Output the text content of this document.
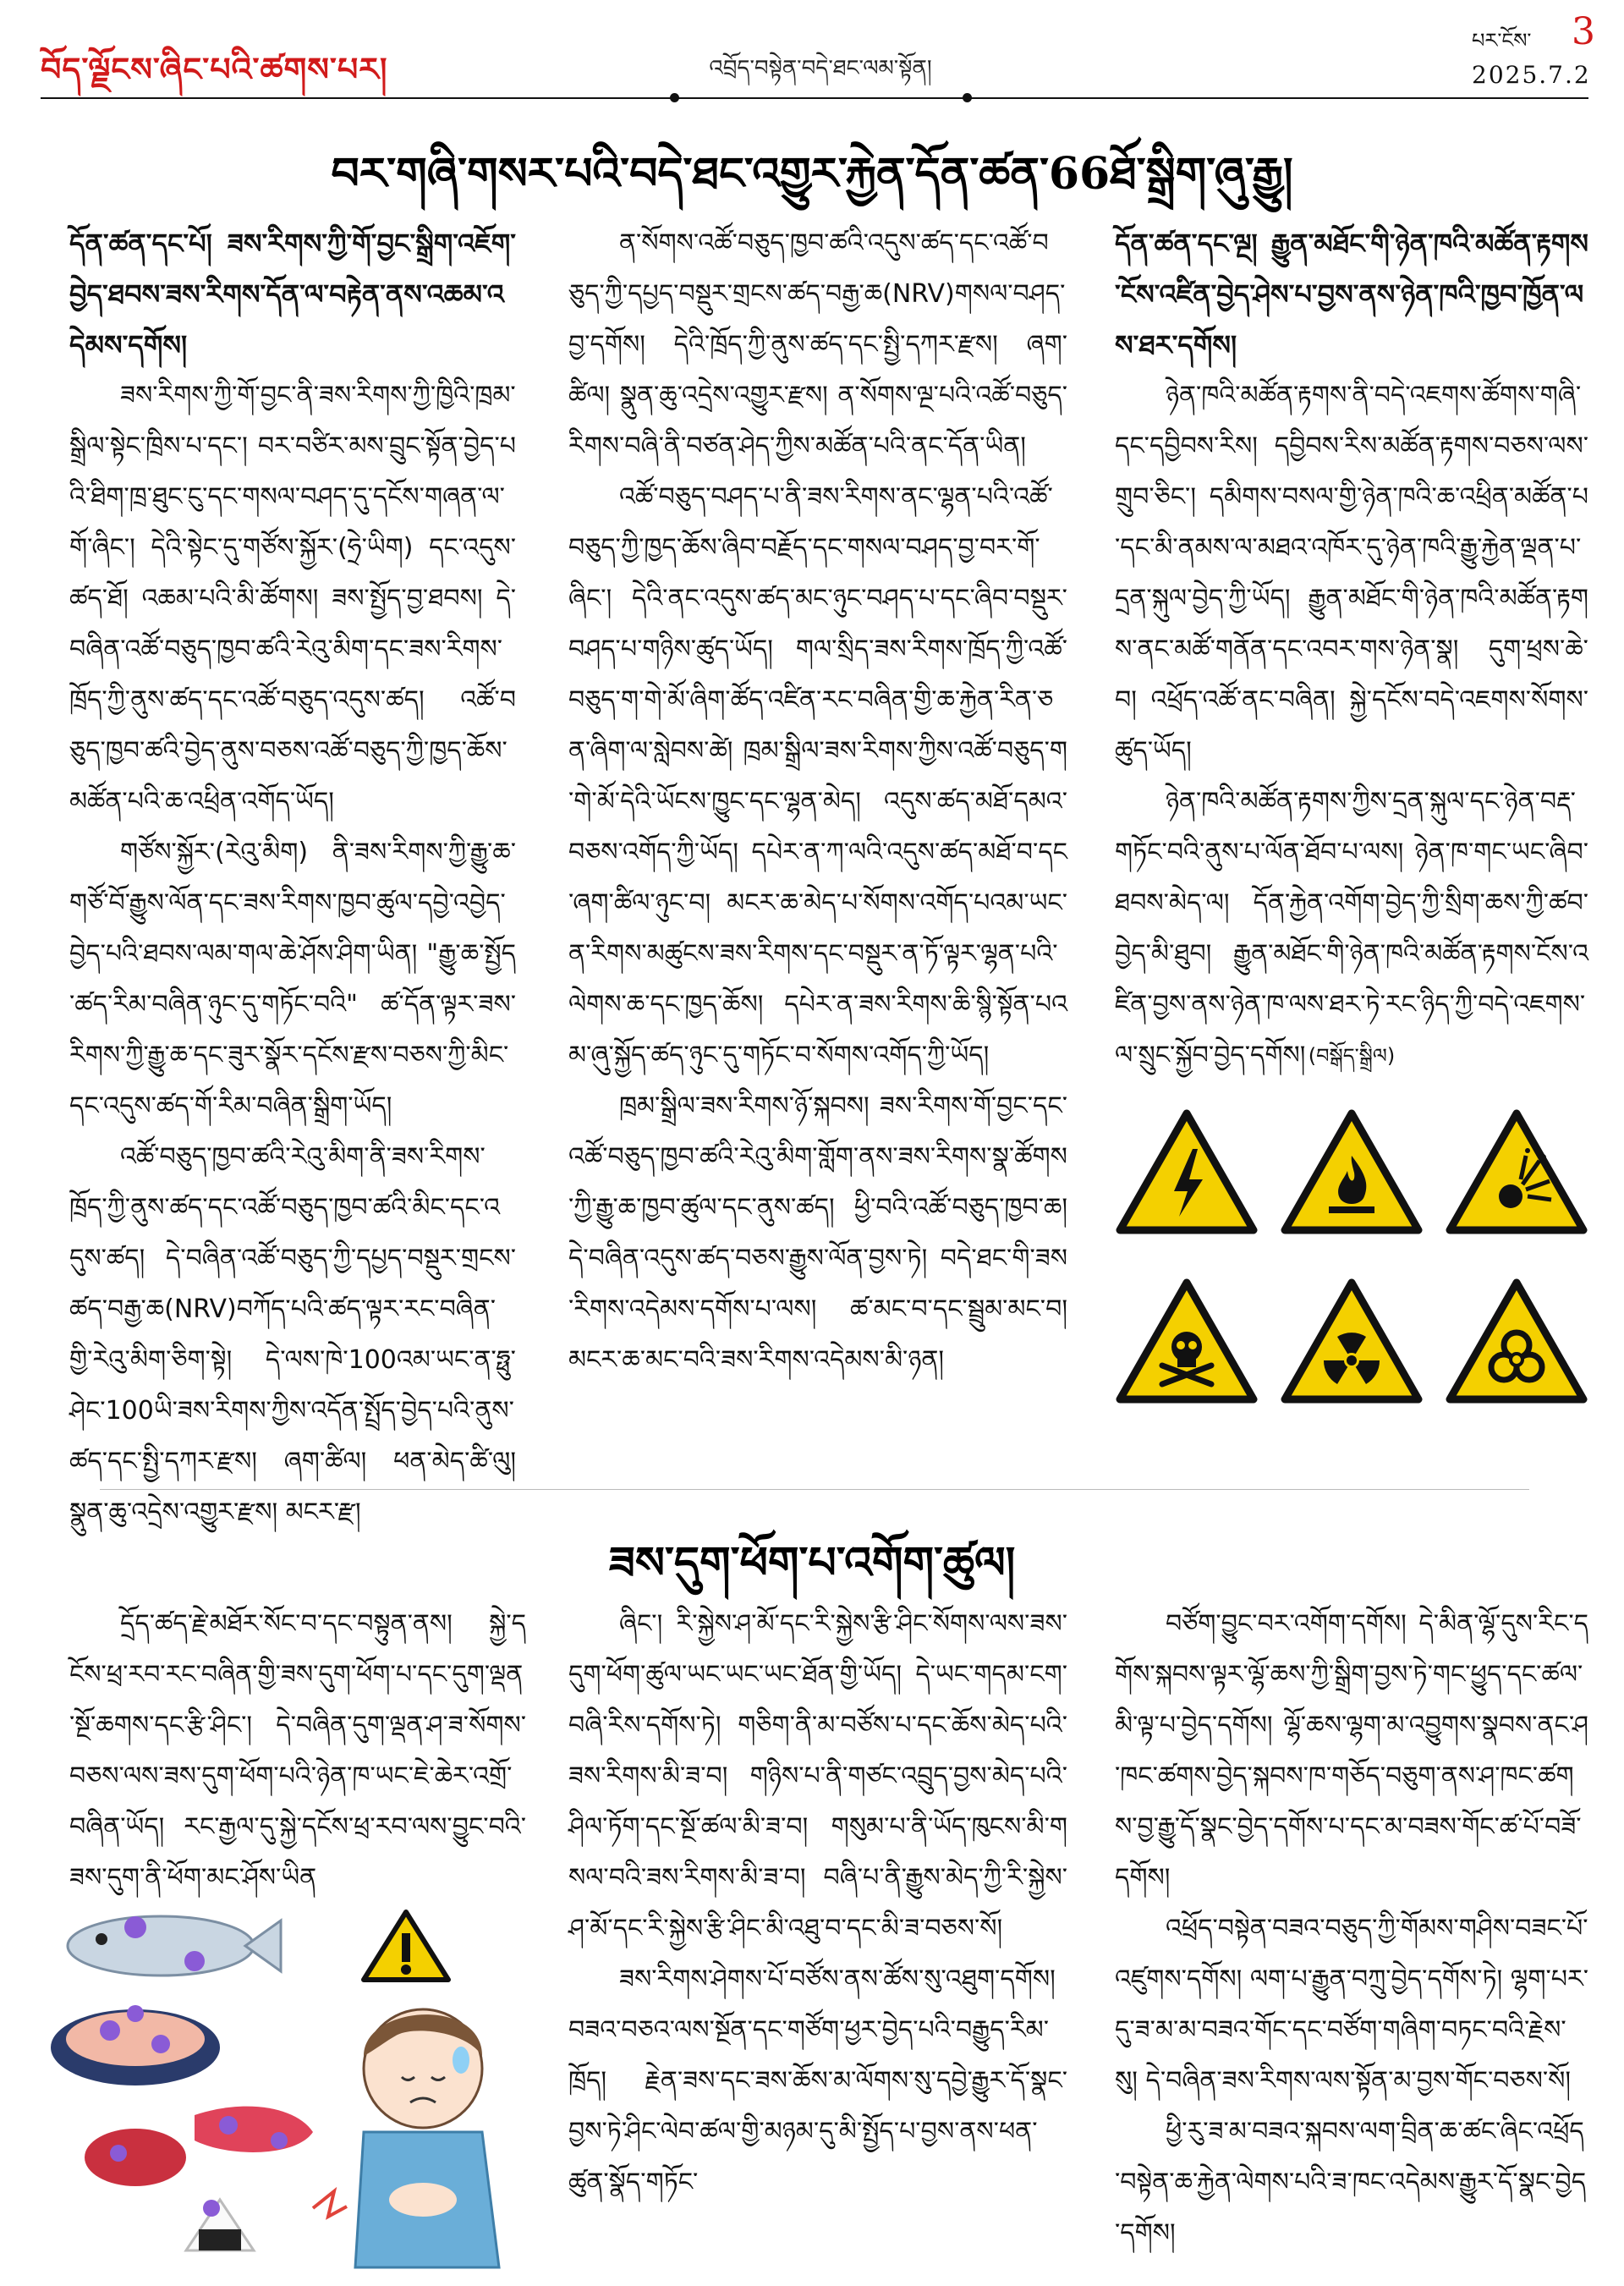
བོད་ལྗོངས་ཞིང་པའི་ཚགས་པར།	འབྲོད་བསྟེན་བདེ་ཐང་ལམ་སྟོན།
པར་ངོས་ 3
2025.7.2
བར་གཞི་གསར་པའི་བདེ་ཐང་འགྱུར་རྐྱེན་དོན་ཚན་66ཐོ་སྒྲིག་ཞུ་རྒྱུ།
དོན་ཚན་དང་པོ། ཟས་རིགས་ཀྱི་གོ་བྱང་སྒྲིག་འཇོག་བྱེད་ཐབས་ཟས་རིགས་དོན་ལ་བརྟེན་ནས་འཆམ་འདེམས་དགོས།

ཟས་རིགས་ཀྱི་གོ་བྱང་ནི་ཟས་རིགས་ཀྱི་ཁྱིའི་ཁྲམ་སྒྲིལ་སྟེང་ཁྲིས་པ་དང་། བར་བཙིར་མས་བྲུང་སྟོན་བྱེད་པའི་ཐིག་ཁྲ་ཐུང་ངུ་དང་གསལ་བཤད་དུ་དངོས་གཞན་ལ་གོ་ཞིང་། དེའི་སྟེང་དུ་གཙོས་སྐྱོར་(ཧྲེ་ཡིག) དང་འདུས་ཚད་ཐོ། འཆམ་པའི་མི་ཚོགས། ཟས་སྤྱོད་བྱ་ཐབས། དེ་བཞིན་འཚོ་བཅུད་ཁྱབ་ཚའི་རེའུ་མིག་དང་ཟས་རིགས་ཁྲོད་ཀྱི་ནུས་ཚད་དང་འཚོ་བཅུད་འདུས་ཚད། འཚོ་བཅུད་ཁྱབ་ཚའི་བྱེད་ནུས་བཅས་འཚོ་བཅུད་ཀྱི་ཁྱད་ཆོས་མཚོན་པའི་ཆ་འཕྲིན་འགོད་ཡོད།

གཙོས་སྐྱོར་(རེའུ་མིག) ནི་ཟས་རིགས་ཀྱི་རྒྱུ་ཆ་གཙོ་བོ་རྒྱུས་ལོན་དང་ཟས་རིགས་ཁྱབ་ཚུལ་དབྱེ་འབྱེད་བྱེད་པའི་ཐབས་ལམ་གལ་ཆེ་ཤོས་ཤིག་ཡིན། "རྒྱུ་ཆ་སྤྱོད་ཚད་རིམ་བཞིན་ཉུང་དུ་གཏོང་བའི" ཚ་དོན་ལྟར་ཟས་རིགས་ཀྱི་རྒྱུ་ཆ་དང་ཟུར་སྣོར་དངོས་རྫས་བཅས་ཀྱི་མིང་དང་འདུས་ཚད་གོ་རིམ་བཞིན་སྒྲིག་ཡོད།

འཚོ་བཅུད་ཁྱབ་ཚའི་རེའུ་མིག་ནི་ཟས་རིགས་ཁྲོད་ཀྱི་ནུས་ཚད་དང་འཚོ་བཅུད་ཁྱབ་ཚའི་མིང་དང་འདུས་ཚད། དེ་བཞིན་འཚོ་བཅུད་ཀྱི་དཔྱད་བསྡུར་གྲངས་ཚད་བརྒྱ་ཆ(NRV)བཀོད་པའི་ཚད་ལྟར་རང་བཞིན་གྱི་རེའུ་མིག་ཅིག་སྟེ། དེ་ལས་ཁེ་100འམ་ཡང་ན་ཧྥུ་ཤེང་100ཡི་ཟས་རིགས་ཀྱིས་འདོན་སྤྲོད་བྱེད་པའི་ནུས་ཚད་དང་སྤྱི་དཀར་རྫས། ཞག་ཚིལ། ཕན་མེད་ཚི་ལུ། སྣུན་ཆུ་འདྲེས་འགྱུར་རྫས། མངར་རྫ།

ན་སོགས་འཚོ་བཅུད་ཁྱབ་ཚའི་འདུས་ཚད་དང་འཚོ་བཅུད་ཀྱི་དཔྱད་བསྡུར་གྲངས་ཚད་བརྒྱ་ཆ(NRV)གསལ་བཤད་བྱ་དགོས། དེའི་ཁྲོད་ཀྱི་ནུས་ཚད་དང་སྤྱི་དཀར་རྫས། ཞག་ཚིལ། སྣུན་ཆུ་འདྲེས་འགྱུར་རྫས། ན་སོགས་ལྔ་པའི་འཚོ་བཅུད་རིགས་བཞི་ནི་བཙན་ཤེད་ཀྱིས་མཚོན་པའི་ནང་དོན་ཡིན།

འཚོ་བཅུད་བཤད་པ་ནི་ཟས་རིགས་ནང་ལྷན་པའི་འཚོ་བཅུད་ཀྱི་ཁྱད་ཆོས་ཞིབ་བརྗོད་དང་གསལ་བཤད་བྱ་བར་གོ་ཞིང་། དེའི་ནང་འདུས་ཚད་མང་ཉུང་བཤད་པ་དང་ཞིབ་བསྡུར་བཤད་པ་གཉིས་ཚུད་ཡོད། གལ་སྲིད་ཟས་རིགས་ཁྲོད་ཀྱི་འཚོ་བཅུད་ག་གེ་མོ་ཞིག་ཚོད་འཛིན་རང་བཞིན་གྱི་ཆ་རྐྱེན་རིན་ཅན་ཞིག་ལ་སླེབས་ཚེ། ཁྲམ་སྒྲིལ་ཟས་རིགས་ཀྱིས་འཚོ་བཅུད་ག་གེ་མོ་དེའི་ཡོངས་ཁྱུང་དང་ལྷན་མེད། འདུས་ཚད་མཐོ་དམའ་བཅས་འགོད་ཀྱི་ཡོད། དཔེར་ན་ཀ་ལའི་འདུས་ཚད་མཐོ་བ་དང་ཞག་ཚིལ་ཉུང་བ། མངར་ཆ་མེད་པ་སོགས་འགོད་པའམ་ཡང་ན་རིགས་མཚུངས་ཟས་རིགས་དང་བསྡུར་ན་ཏོ་ལྟར་ལྷན་པའི་ལེགས་ཆ་དང་ཁྱད་ཆོས། དཔེར་ན་ཟས་རིགས་ཆི་སྙི་སྟོན་པའམ་ཞུ་སྐྱོད་ཚད་ཉུང་དུ་གཏོང་བ་སོགས་འགོད་ཀྱི་ཡོད།

ཁྲམ་སྒྲིལ་ཟས་རིགས་ཉོ་སྐབས། ཟས་རིགས་གོ་བྱང་དང་འཚོ་བཅུད་ཁྱབ་ཚའི་རེའུ་མིག་གློག་ནས་ཟས་རིགས་སྣ་ཚོགས་ཀྱི་རྒྱུ་ཆ་ཁྱབ་ཚུལ་དང་ནུས་ཚད། ཕྱི་བའི་འཚོ་བཅུད་ཁྱབ་ཆ། དེ་བཞིན་འདུས་ཚད་བཅས་རྒྱུས་ལོན་བྱས་ཏེ། བདེ་ཐང་གི་ཟས་རིགས་འདེམས་དགོས་པ་ལས། ཚ་མང་བ་དང་སྦྲུམ་མང་བ། མངར་ཆ་མང་བའི་ཟས་རིགས་འདེམས་མི་ཉན།

དོན་ཚན་དང་ལྔ། རྒྱུན་མཐོང་གི་ཉེན་ཁའི་མཚོན་རྟགས་ངོས་འཛིན་བྱེད་ཤེས་པ་བྱས་ནས་ཉེན་ཁའི་ཁྱབ་ཁྱོན་ལས་ཐར་དགོས།

ཉེན་ཁའི་མཚོན་རྟགས་ནི་བདེ་འཇགས་ཚོགས་གཞི་དང་དབྱིབས་རིས། དབྱིབས་རིས་མཚོན་རྟགས་བཅས་ལས་གྲུབ་ཅིང་། དམིགས་བསལ་གྱི་ཉེན་ཁའི་ཆ་འཕྲིན་མཚོན་པ་དང་མི་ནམས་ལ་མཐའ་འཁོར་དུ་ཉེན་ཁའི་རྒྱུ་རྐྱེན་ལྡན་པ་དྲན་སྐུལ་བྱེད་ཀྱི་ཡོད། རྒྱུན་མཐོང་གི་ཉེན་ཁའི་མཚོན་རྟགས་ནང་མཚོ་གནོན་དང་འབར་གས་ཉེན་སྣ། དུག་ཕྲས་ཆེ་བ། འཕྲོད་འཚོ་ནང་བཞིན། སྐྱེ་དངོས་བདེ་འཇགས་སོགས་ཚུད་ཡོད།

ཉེན་ཁའི་མཚོན་རྟགས་ཀྱིས་དྲན་སྐུལ་དང་ཉེན་བརྡ་གཏོང་བའི་ནུས་པ་ལོན་ཐོབ་པ་ལས། ཉེན་ཁ་གང་ཡང་ཞིབ་ཐབས་མེད་ལ། དོན་རྐྱེན་འགོག་བྱེད་ཀྱི་སྲིག་ཆས་ཀྱི་ཚབ་བྱེད་མི་ཐུབ། རྒྱུན་མཐོང་གི་ཉེན་ཁའི་མཚོན་རྟགས་ངོས་འཛིན་བྱས་ནས་ཉེན་ཁ་ལས་ཐར་ཏེ་རང་ཉིད་ཀྱི་བདེ་འཇགས་ལ་སྲུང་སྐྱོབ་བྱེད་དགོས། (བསྒོད་སྒྲིལ)
ཟས་དུག་ཕོག་པ་འགོག་ཚུལ།

དྲོད་ཚད་རྗེ་མཐོར་སོང་བ་དང་བསྟུན་ནས། སྐྱེ་དངོས་ཕྲ་རབ་རང་བཞིན་གྱི་ཟས་དུག་ཕོག་པ་དང་དུག་ལྡན་སྔོ་ཆགས་དང་རྩི་ཤིང་། དེ་བཞིན་དུག་ལྡན་ཤ་ཟ་སོགས་བཅས་ལས་ཟས་དུག་ཕོག་པའི་ཉེན་ཁ་ཡང་ཇེ་ཆེར་འགྲོ་བཞིན་ཡོད། རང་རྒྱལ་དུ་སྐྱེ་དངོས་ཕྲ་རབ་ལས་བྱུང་བའི་ཟས་དུག་ནི་ཕོག་མང་ཤོས་ཡིན

ཞིང་། རི་སྐྱེས་ཤ་མོ་དང་རི་སྐྱེས་རྩི་ཤིང་སོགས་ལས་ཟས་དུག་ཕོག་ཚུལ་ཡང་ཡང་ཡང་ཐོན་གྱི་ཡོད། དེ་ཡང་གདམ་ངག་བཞི་རིས་དགོས་ཏེ། གཅིག་ནི་མ་བཙོས་པ་དང་ཆོས་མེད་པའི་ཟས་རིགས་མི་ཟ་བ། གཉིས་པ་ནི་གཙང་འབྲུད་བྱས་མེད་པའི་ཤིལ་ཏོག་དང་སྔོ་ཚལ་མི་ཟ་བ། གསུམ་པ་ནི་ཡོད་ཁུངས་མི་གསལ་བའི་ཟས་རིགས་མི་ཟ་བ། བཞི་པ་ནི་རྒྱུས་མེད་ཀྱི་རི་སྐྱེས་ཤ་མོ་དང་རི་སྐྱེས་རྩི་ཤིང་མི་འཐུ་བ་དང་མི་ཟ་བཅས་སོ།

ཟས་རིགས་ཤེགས་པོ་བཙོས་ནས་ཚོས་སུ་འཐུག་དགོས། བཟའ་བཅའ་ལས་སྔོན་དང་གཙོག་ཕྱར་བྱེད་པའི་བརྒྱུད་རིམ་ཁྲོད། རྗེན་ཟས་དང་ཟས་ཆོས་མ་ལོགས་སུ་དབྱེ་རྒྱུར་དོ་སྣང་བྱས་ཏེ་ཤིང་ལེབ་ཚལ་གྱི་མཉམ་དུ་མི་སྤྱོད་པ་བྱས་ནས་ཕན་ཚུན་སྣོད་གཏོང་

བཙོག་བྱུང་བར་འགོག་དགོས། དེ་མིན་ལྷོ་དུས་རིང་དགོས་སྐབས་ལྟར་ལྷོ་ཆས་ཀྱི་སྒྲིག་བྱས་ཏེ་གང་ཕྱུད་དང་ཚལ་མི་ལྟ་པ་བྱེད་དགོས། ལྷོ་ཆས་ལྷག་མ་འབྱུགས་སྣབས་ནང་ཤ་ཁང་ཚགས་བྱེད་སྐབས་ཁ་གཅོད་བཅུག་ནས་ཤ་ཁང་ཚགས་བྱ་རྒྱུ་དོ་སྣང་བྱེད་དགོས་པ་དང་མ་བཟས་གོང་ཚ་པོ་བཟོ་དགོས།

འཕྲོད་བསྟེན་བཟའ་བཅུད་ཀྱི་གོམས་གཤིས་བཟང་པོ་འཛུགས་དགོས། ལག་པ་རྒྱུན་བཀྲུ་བྱེད་དགོས་ཏེ། ལྷག་པར་དུ་ཟ་མ་མ་བཟའ་གོང་དང་བཙོག་གཞིག་བཏང་བའི་རྗེས་སུ། དེ་བཞིན་ཟས་རིགས་ལས་སྟོན་མ་བྱས་གོང་བཅས་སོ།

ཕྱི་རུ་ཟ་མ་བཟའ་སྐབས་ལག་བྲིན་ཆ་ཚང་ཞིང་འཕྲོད་བསྟེན་ཆ་རྐྱེན་ལེགས་པའི་ཟ་ཁང་འདེམས་རྒྱུར་དོ་སྣང་བྱེད་དགོས།
